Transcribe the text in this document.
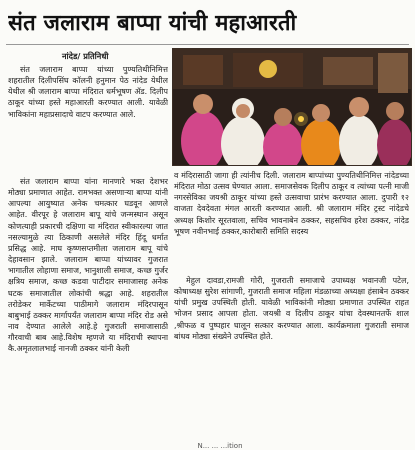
संत जलाराम बाप्पा यांची महाआरती
नांदेड/ प्रतिनिधी

संत जलाराम बाप्पा यांच्या पुण्यतिथीनिमित्त शहरातील दिलीपसिंघ कॉलनी हनुमान पेठ नांदेड येथील येथील श्री जलाराम बाप्पा मंदिरात धर्मभूषण ॲड. दिलीप ठाकूर यांच्या हस्ते महाआरती करण्यात आली. यावेळी भाविकांना महाप्रसादाचे वाटप करण्यात आले.

संत जलाराम बाप्पा यांना मानणारे भक्त देशभर मोठ्या प्रमाणात आहेत. रामभक्त असणाऱ्या बाप्पा यांनी आपल्या आयुष्यात अनेक चमत्कार घडवून आणले आहेत. वीरपूर हे जलाराम बापू यांचे जन्मस्थान असून कोणत्याही प्रकारची दक्षिणा या मंदिरात स्वीकारल्या जात नसल्यामुळे त्या ठिकाणी असलेले मंदिर हिंदू धर्मात प्रसिद्ध आहे. माघ कृष्णसप्तमीला जलाराम बापू यांचे देहावसान झाले. जलाराम बाप्पा यांच्यावर गुजरात भागातील लोहाणा समाज, भानुशाली समाज, कच्छ गुर्जर क्षत्रिय समाज, कच्छ कडवा पाटीदार समाजासह अनेक घटक समाजातील लोकांची श्रद्धा आहे. शहरातील तरोडेकर मार्केटच्या पाठीमागे जलाराम मंदिरपासून बाबुभाई ठक्कर मार्गापर्यंत जलाराम बाप्पा मंदिर रोड असे नाव देण्यात आलेले आहे.हे गुजराती समाजासाठी गौरवाची बाब आहे.विशेष म्हणजे या मंदिराची स्थापना कै.अमृतलालभाई नानजी ठक्कर यांनी केली

व मंदिरासाठी जागा ही त्यांनीच दिली. जलाराम बाप्पांच्या पुण्यतिथीनिमित्त नांदेडच्या मंदिरात मोठा उत्सव घेण्यात आला. समाजसेवक दिलीप ठाकूर व त्यांच्या पत्नी माजी नगरसेविका जयश्री ठाकूर यांच्या हस्ते उत्सवाचा प्रारंभ करण्यात आला. दुपारी १२ वाजता देवदेवता मंगल आरती करण्यात आली. श्री जलाराम मंदिर ट्रस्ट नांदेडचे अध्यक्ष किशोर सूरतवाला, सचिव भावनाबेन ठक्कर, सहसचिव हरेश ठक्कर, नांदेड भूषण नवीनभाई ठक्कर,कारोबारी समिति सदस्य

मेहुल दावडा,रामजी गोरी, गुजराती समाजाचे उपाध्यक्ष भवानजी पटेल, कोषाध्यक्ष सुरेश सांगाणी, गुजराती समाज महिला मंडळाच्या अध्यक्षा हंसाबेन ठक्कर यांची प्रमुख उपस्थिती होती. यावेळी भाविकांनी मोठ्या प्रमाणात उपस्थित राहत भोजन प्रसाद आपला होता. जयश्री व दिलीप ठाकूर यांचा देवस्थानतर्फे शाल ,श्रीफळ व पुष्पहार घालून सत्कार करण्यात आला. कार्यक्रमाला गुजराती समाज बांधव मोठ्या संख्येने उपस्थित होते.

N... ... ...ition
